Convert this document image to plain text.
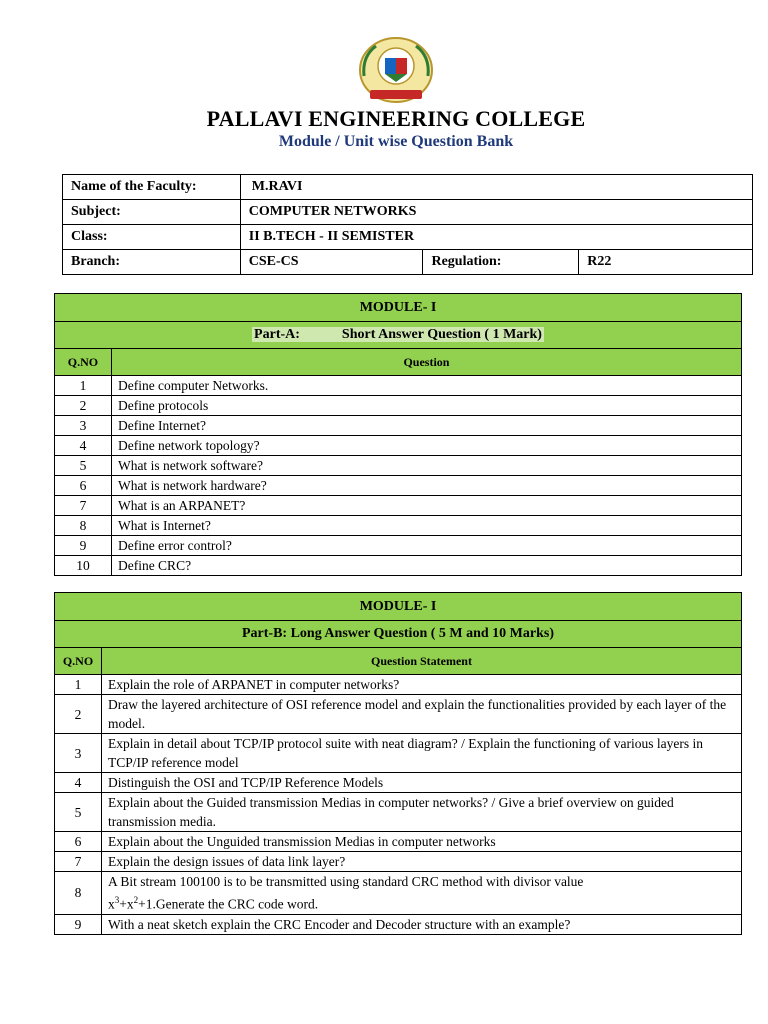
PALLAVI ENGINEERING COLLEGE
Module / Unit wise Question Bank
Name of the Faculty:	M.RAVI		
Subject:	COMPUTER NETWORKS		
Class:	II B.TECH - II SEMISTER		
Branch:	CSE-CS	Regulation:	R22
MODULE- I	
Part-A: Short Answer Question ( 1 Mark)	
Q.NO	Question
1	Define computer Networks.
2	Define protocols
3	Define Internet?
4	Define network topology?
5	What is network software?
6	What is network hardware?
7	What is an ARPANET?
8	What is Internet?
9	Define error control?
10	Define CRC?
MODULE- I	
Part-B: Long Answer Question ( 5 M and 10 Marks)	
Q.NO	Question Statement
1	Explain the role of ARPANET in computer networks?
2	Draw the layered architecture of OSI reference model and explain the functionalities provided by each layer of the model.
3	Explain in detail about TCP/IP protocol suite with neat diagram? / Explain the functioning of various layers in TCP/IP reference model
4	Distinguish the OSI and TCP/IP Reference Models
5	Explain about the Guided transmission Medias in computer networks? / Give a brief overview on guided transmission media.
6	Explain about the Unguided transmission Medias in computer networks
7	Explain the design issues of data link layer?
8	A Bit stream 100100 is to be transmitted using standard CRC method with divisor value
$x^3+x^2+1.Generate$ the CRC code word.
9	With a neat sketch explain the CRC Encoder and Decoder structure with an example?
